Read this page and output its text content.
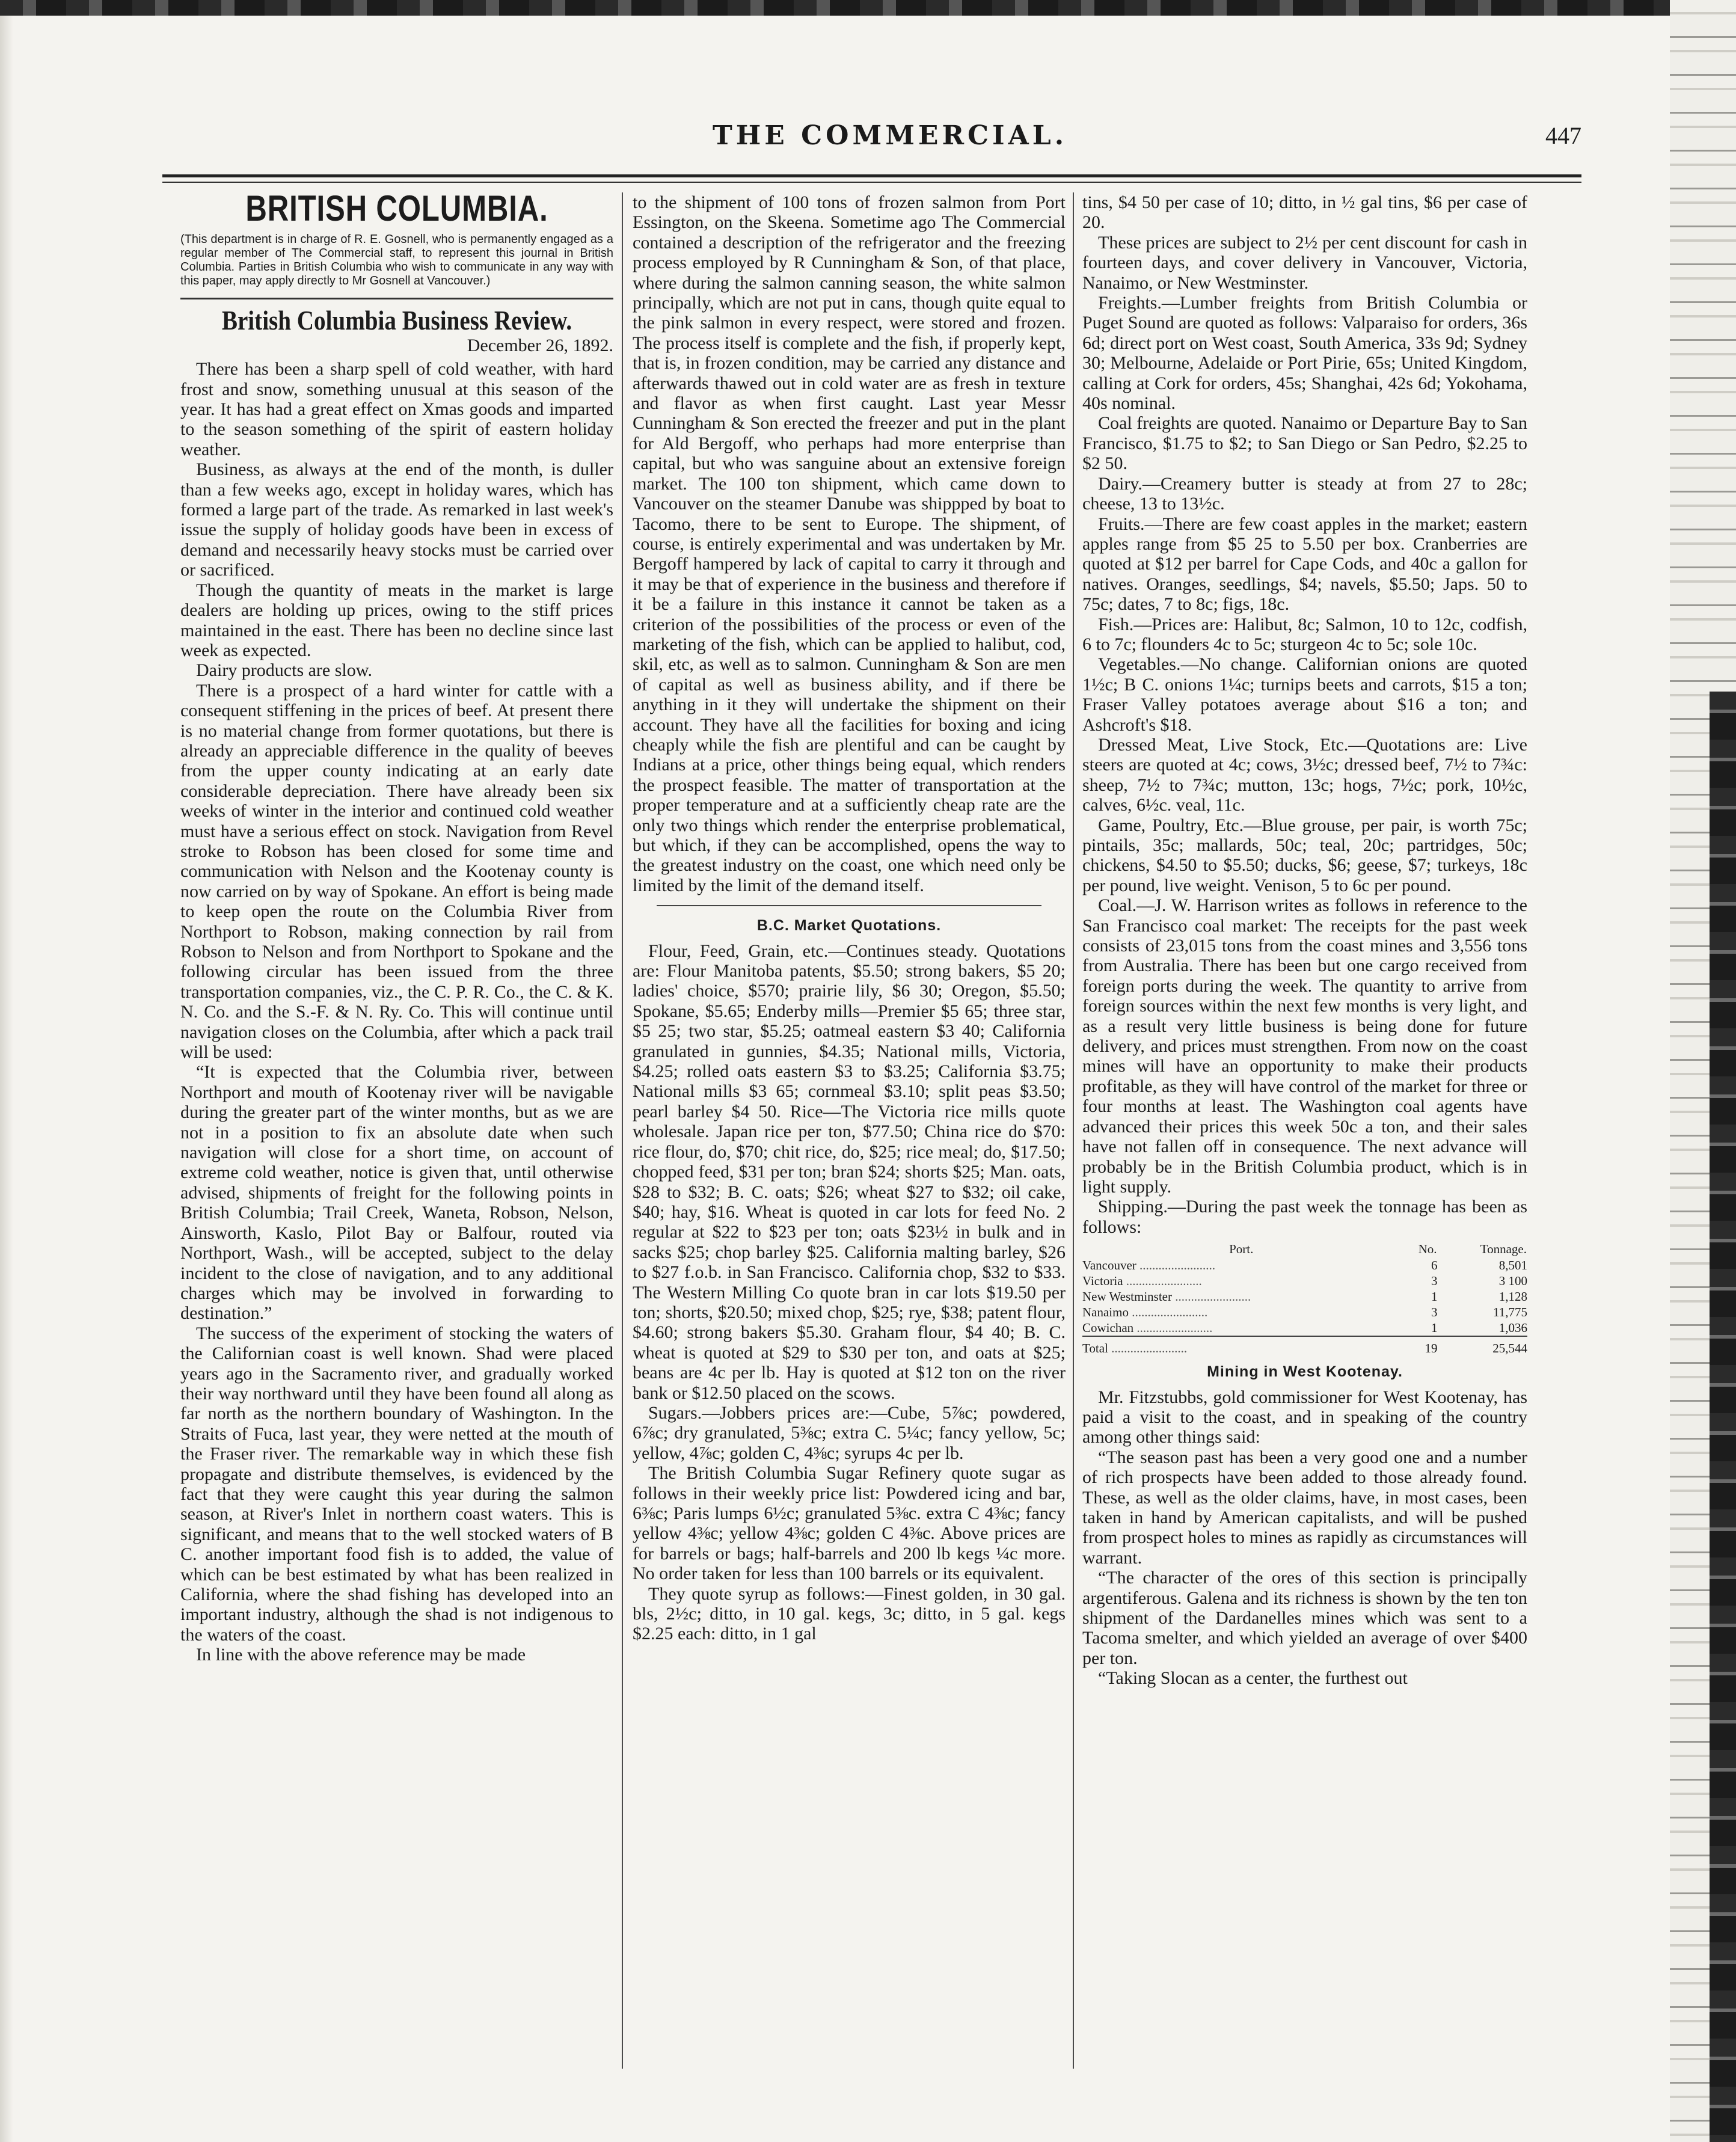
THE COMMERCIAL.	447
BRITISH COLUMBIA.

(This department is in charge of R. E. Gosnell, who is permanently engaged as a regular member of The Commercial staff, to represent this journal in British Columbia. Parties in British Columbia who wish to communicate in any way with this paper, may apply directly to Mr Gosnell at Vancouver.)

British Columbia Business Review.
December 26, 1892.

There has been a sharp spell of cold weather, with hard frost and snow, something unusual at this season of the year. It has had a great effect on Xmas goods and imparted to the season something of the spirit of eastern holiday weather.

Business, as always at the end of the month, is duller than a few weeks ago, except in holiday wares, which has formed a large part of the trade. As remarked in last week's issue the supply of holiday goods have been in excess of demand and necessarily heavy stocks must be carried over or sacrificed.

Though the quantity of meats in the market is large dealers are holding up prices, owing to the stiff prices maintained in the east. There has been no decline since last week as expected.

Dairy products are slow.

There is a prospect of a hard winter for cattle with a consequent stiffening in the prices of beef. At present there is no material change from former quotations, but there is already an appreciable difference in the quality of beeves from the upper county indicating at an early date considerable depreciation. There have already been six weeks of winter in the interior and continued cold weather must have a serious effect on stock. Navigation from Revel stroke to Robson has been closed for some time and communication with Nelson and the Kootenay county is now carried on by way of Spokane. An effort is being made to keep open the route on the Columbia River from Northport to Robson, making connection by rail from Robson to Nelson and from Northport to Spokane and the following circular has been issued from the three transportation companies, viz., the C. P. R. Co., the C. & K. N. Co. and the S.-F. & N. Ry. Co. This will continue until navigation closes on the Columbia, after which a pack trail will be used:

“It is expected that the Columbia river, between Northport and mouth of Kootenay river will be navigable during the greater part of the winter months, but as we are not in a position to fix an absolute date when such navigation will close for a short time, on account of extreme cold weather, notice is given that, until otherwise advised, shipments of freight for the following points in British Columbia; Trail Creek, Waneta, Robson, Nelson, Ainsworth, Kaslo, Pilot Bay or Balfour, routed via Northport, Wash., will be accepted, subject to the delay incident to the close of navigation, and to any additional charges which may be involved in forwarding to destination.”

The success of the experiment of stocking the waters of the Californian coast is well known. Shad were placed years ago in the Sacramento river, and gradually worked their way northward until they have been found all along as far north as the northern boundary of Washington. In the Straits of Fuca, last year, they were netted at the mouth of the Fraser river. The remarkable way in which these fish propagate and distribute themselves, is evidenced by the fact that they were caught this year during the salmon season, at River's Inlet in northern coast waters. This is significant, and means that to the well stocked waters of B C. another important food fish is to added, the value of which can be best estimated by what has been realized in California, where the shad fishing has developed into an important industry, although the shad is not indigenous to the waters of the coast.

In line with the above reference may be made

to the shipment of 100 tons of frozen salmon from Port Essington, on the Skeena. Sometime ago The Commercial contained a description of the refrigerator and the freezing process employed by R Cunningham & Son, of that place, where during the salmon canning season, the white salmon principally, which are not put in cans, though quite equal to the pink salmon in every respect, were stored and frozen. The process itself is complete and the fish, if properly kept, that is, in frozen condition, may be carried any distance and afterwards thawed out in cold water are as fresh in texture and flavor as when first caught. Last year Messr Cunningham & Son erected the freezer and put in the plant for Ald Bergoff, who perhaps had more enterprise than capital, but who was sanguine about an extensive foreign market. The 100 ton shipment, which came down to Vancouver on the steamer Danube was shippped by boat to Tacomo, there to be sent to Europe. The shipment, of course, is entirely experimental and was undertaken by Mr. Bergoff hampered by lack of capital to carry it through and it may be that of experience in the business and therefore if it be a failure in this instance it cannot be taken as a criterion of the possibilities of the process or even of the marketing of the fish, which can be applied to halibut, cod, skil, etc, as well as to salmon. Cunningham & Son are men of capital as well as business ability, and if there be anything in it they will undertake the shipment on their account. They have all the facilities for boxing and icing cheaply while the fish are plentiful and can be caught by Indians at a price, other things being equal, which renders the prospect feasible. The matter of transportation at the proper temperature and at a sufficiently cheap rate are the only two things which render the enterprise problematical, but which, if they can be accomplished, opens the way to the greatest industry on the coast, one which need only be limited by the limit of the demand itself.

B.C. Market Quotations.

Flour, Feed, Grain, etc.—Continues steady. Quotations are: Flour Manitoba patents, $5.50; strong bakers, $5 20; ladies' choice, $570; prairie lily, $6 30; Oregon, $5.50; Spokane, $5.65; Enderby mills—Premier $5 65; three star, $5 25; two star, $5.25; oatmeal eastern $3 40; California granulated in gunnies, $4.35; National mills, Victoria, $4.25; rolled oats eastern $3 to $3.25; California $3.75; National mills $3 65; cornmeal $3.10; split peas $3.50; pearl barley $4 50. Rice—The Victoria rice mills quote wholesale. Japan rice per ton, $77.50; China rice do $70: rice flour, do, $70; chit rice, do, $25; rice meal; do, $17.50; chopped feed, $31 per ton; bran $24; shorts $25; Man. oats, $28 to $32; B. C. oats; $26; wheat $27 to $32; oil cake, $40; hay, $16. Wheat is quoted in car lots for feed No. 2 regular at $22 to $23 per ton; oats $23½ in bulk and in sacks $25; chop barley $25. California malting barley, $26 to $27 f.o.b. in San Francisco. California chop, $32 to $33. The Western Milling Co quote bran in car lots $19.50 per ton; shorts, $20.50; mixed chop, $25; rye, $38; patent flour, $4.60; strong bakers $5.30. Graham flour, $4 40; B. C. wheat is quoted at $29 to $30 per ton, and oats at $25; beans are 4c per lb. Hay is quoted at $12 ton on the river bank or $12.50 placed on the scows.

Sugars.—Jobbers prices are:—Cube, 5⅞c; powdered, 6⅞c; dry granulated, 5⅜c; extra C. 5¼c; fancy yellow, 5c; yellow, 4⅞c; golden C, 4⅜c; syrups 4c per lb.

The British Columbia Sugar Refinery quote sugar as follows in their weekly price list: Powdered icing and bar, 6⅜c; Paris lumps 6½c; granulated 5⅜c. extra C 4⅜c; fancy yellow 4⅜c; yellow 4⅜c; golden C 4⅜c. Above prices are for barrels or bags; half-barrels and 200 lb kegs ¼c more. No order taken for less than 100 barrels or its equivalent.

They quote syrup as follows:—Finest golden, in 30 gal. bls, 2½c; ditto, in 10 gal. kegs, 3c; ditto, in 5 gal. kegs $2.25 each: ditto, in 1 gal

tins, $4 50 per case of 10; ditto, in ½ gal tins, $6 per case of 20.

These prices are subject to 2½ per cent discount for cash in fourteen days, and cover delivery in Vancouver, Victoria, Nanaimo, or New Westminster.

Freights.—Lumber freights from British Columbia or Puget Sound are quoted as follows: Valparaiso for orders, 36s 6d; direct port on West coast, South America, 33s 9d; Sydney 30; Melbourne, Adelaide or Port Pirie, 65s; United Kingdom, calling at Cork for orders, 45s; Shanghai, 42s 6d; Yokohama, 40s nominal.

Coal freights are quoted. Nanaimo or Departure Bay to San Francisco, $1.75 to $2; to San Diego or San Pedro, $2.25 to $2 50.

Dairy.—Creamery butter is steady at from 27 to 28c; cheese, 13 to 13½c.

Fruits.—There are few coast apples in the market; eastern apples range from $5 25 to 5.50 per box. Cranberries are quoted at $12 per barrel for Cape Cods, and 40c a gallon for natives. Oranges, seedlings, $4; navels, $5.50; Japs. 50 to 75c; dates, 7 to 8c; figs, 18c.

Fish.—Prices are: Halibut, 8c; Salmon, 10 to 12c, codfish, 6 to 7c; flounders 4c to 5c; sturgeon 4c to 5c; sole 10c.

Vegetables.—No change. Californian onions are quoted 1½c; B C. onions 1¼c; turnips beets and carrots, $15 a ton; Fraser Valley potatoes average about $16 a ton; and Ashcroft's $18.

Dressed Meat, Live Stock, Etc.—Quotations are: Live steers are quoted at 4c; cows, 3½c; dressed beef, 7½ to 7¾c: sheep, 7½ to 7¾c; mutton, 13c; hogs, 7½c; pork, 10½c, calves, 6½c. veal, 11c.

Game, Poultry, Etc.—Blue grouse, per pair, is worth 75c; pintails, 35c; mallards, 50c; teal, 20c; partridges, 50c; chickens, $4.50 to $5.50; ducks, $6; geese, $7; turkeys, 18c per pound, live weight. Venison, 5 to 6c per pound.

Coal.—J. W. Harrison writes as follows in reference to the San Francisco coal market: The receipts for the past week consists of 23,015 tons from the coast mines and 3,556 tons from Australia. There has been but one cargo received from foreign ports during the week. The quantity to arrive from foreign sources within the next few months is very light, and as a result very little business is being done for future delivery, and prices must strengthen. From now on the coast mines will have an opportunity to make their products profitable, as they will have control of the market for three or four months at least. The Washington coal agents have advanced their prices this week 50c a ton, and their sales have not fallen off in consequence. The next advance will probably be in the British Columbia product, which is in light supply.

Shipping.—During the past week the tonnage has been as follows:

Port.	No.	Tonnage.
Vancouver .....	6	8,501
Victoria .....	3	3 100
New Westminster .....	1	1,128
Nanaimo .....	3	11,775
Cowichan .....	1	1,036
Total .....	19	25,544
Mining in West Kootenay.

Mr. Fitzstubbs, gold commissioner for West Kootenay, has paid a visit to the coast, and in speaking of the country among other things said:

“The season past has been a very good one and a number of rich prospects have been added to those already found. These, as well as the older claims, have, in most cases, been taken in hand by American capitalists, and will be pushed from prospect holes to mines as rapidly as circumstances will warrant.

“The character of the ores of this section is principally argentiferous. Galena and its richness is shown by the ten ton shipment of the Dardanelles mines which was sent to a Tacoma smelter, and which yielded an average of over $400 per ton.

“Taking Slocan as a center, the furthest out
